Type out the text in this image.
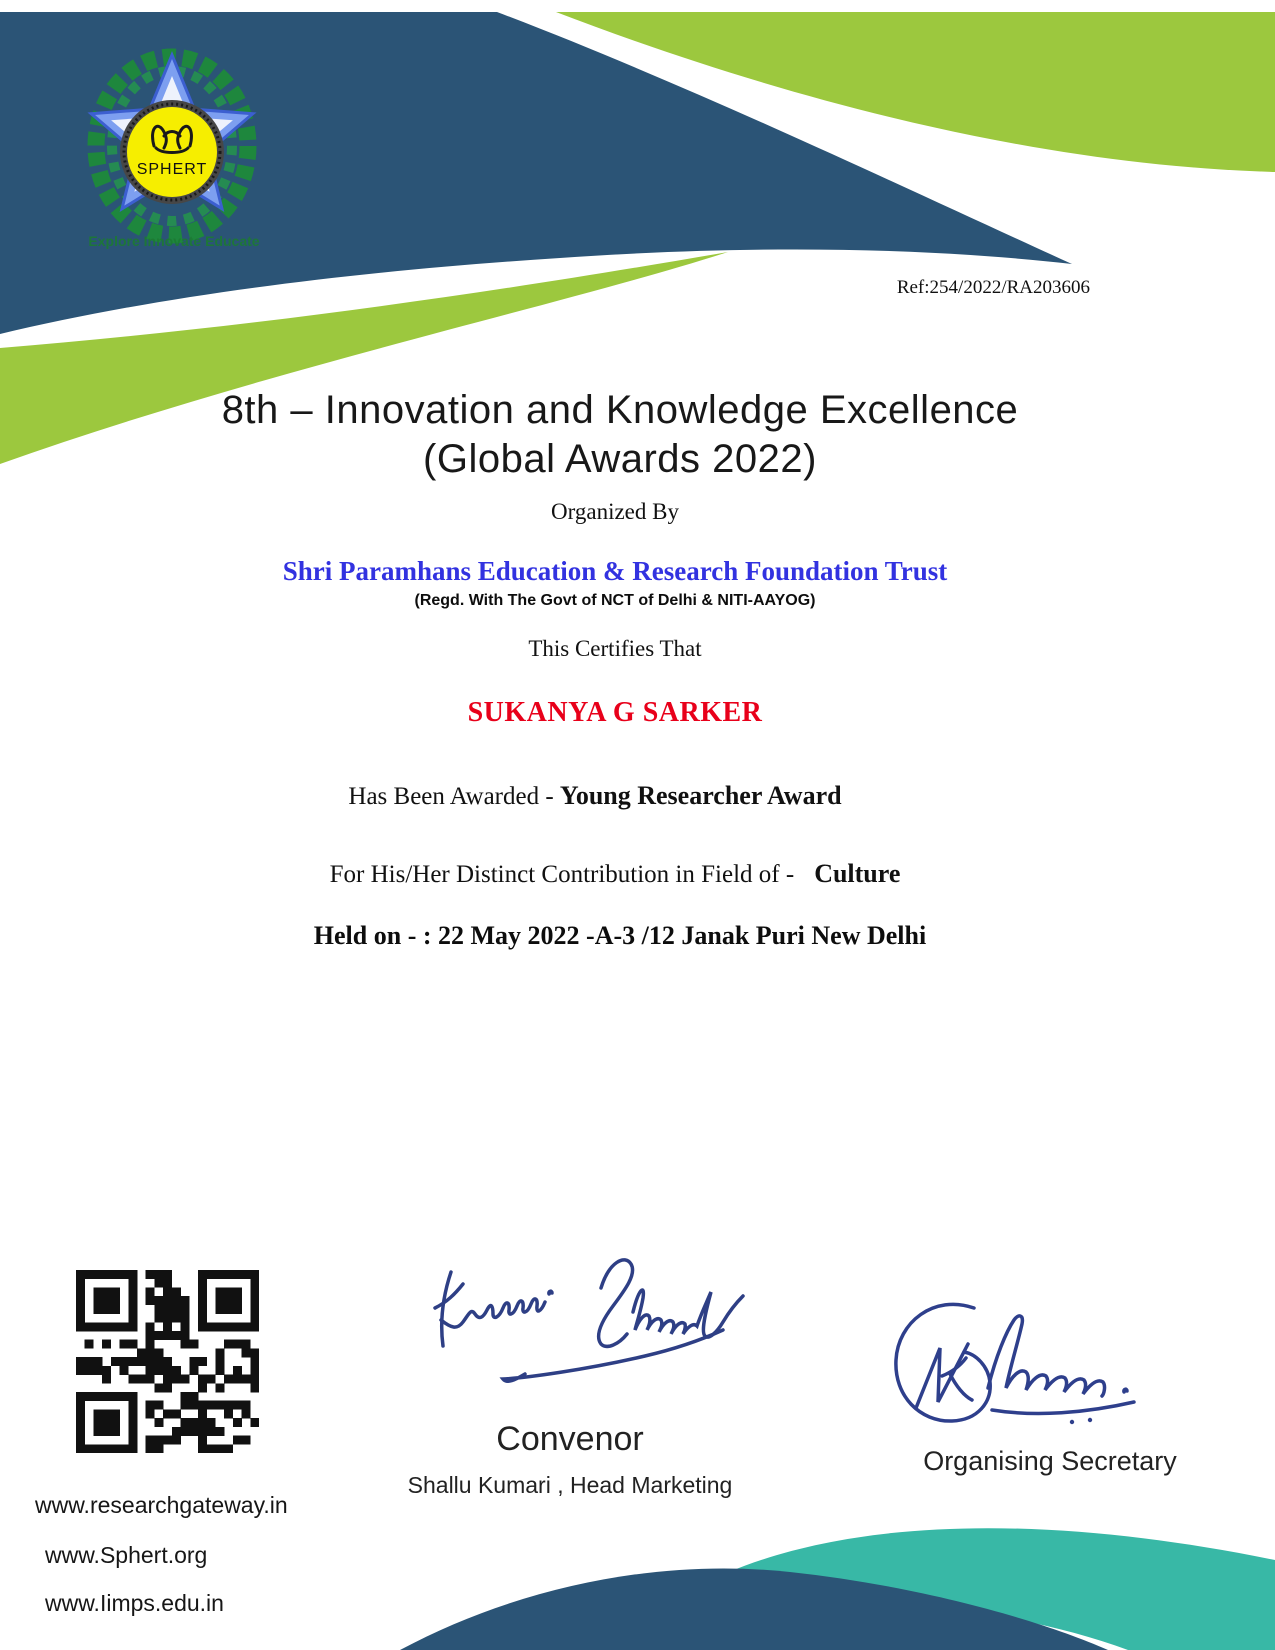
SPHERT
Explore Innovate Educate
Ref:254/2022/RA203606
8th – Innovation and Knowledge Excellence
(Global Awards 2022)
Organized By
Shri Paramhans Education & Research Foundation Trust
(Regd. With The Govt of NCT of Delhi & NITI-AAYOG)
This Certifies That
SUKANYA G SARKER
Has Been Awarded - Young Researcher Award
For His/Her Distinct Contribution in Field of - Culture
Held on - : 22 May 2022 -A-3 /12 Janak Puri New Delhi
Convenor
Shallu Kumari , Head Marketing
Organising Secretary
www.researchgateway.in
www.Sphert.org
www.Iimps.edu.in
